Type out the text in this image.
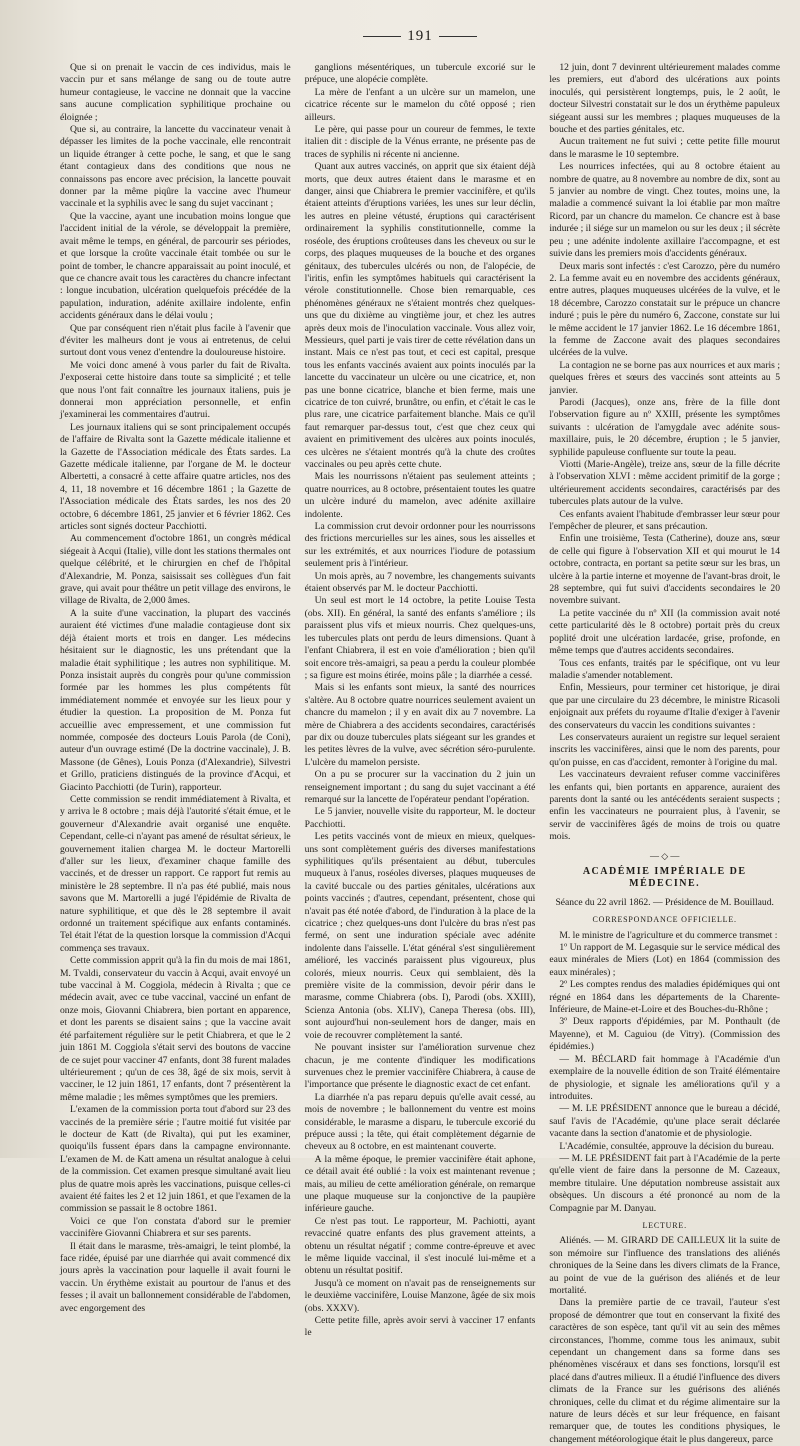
191

Que si on prenait le vaccin de ces individus, mais le vaccin pur et sans mélange de sang ou de toute autre humeur contagieuse, le vaccine ne donnait que la vaccine sans aucune complication syphilitique prochaine ou éloignée ;

Que si, au contraire, la lancette du vaccinateur venait à dépasser les limites de la poche vaccinale, elle rencontrait un liquide étranger à cette poche, le sang, et que le sang étant contagieux dans des conditions que nous ne connaissons pas encore avec précision, la lancette pouvait donner par la même piqûre la vaccine avec l'humeur vaccinale et la syphilis avec le sang du sujet vaccinant ;

Que la vaccine, ayant une incubation moins longue que l'accident initial de la vérole, se développait la première, avait même le temps, en général, de parcourir ses périodes, et que lorsque la croûte vaccinale était tombée ou sur le point de tomber, le chancre apparaissait au point inoculé, et que ce chancre avait tous les caractères du chancre infectant : longue incubation, ulcération quelquefois précédée de la papulation, induration, adénite axillaire indolente, enfin accidents généraux dans le délai voulu ;

Que par conséquent rien n'était plus facile à l'avenir que d'éviter les malheurs dont je vous ai entretenus, de celui surtout dont vous venez d'entendre la douloureuse histoire.

Me voici donc amené à vous parler du fait de Rivalta. J'exposerai cette histoire dans toute sa simplicité ; et telle que nous l'ont fait connaître les journaux italiens, puis je donnerai mon appréciation personnelle, et enfin j'examinerai les commentaires d'autrui.

Les journaux italiens qui se sont principalement occupés de l'affaire de Rivalta sont la Gazette médicale italienne et la Gazette de l'Association médicale des États sardes. La Gazette médicale italienne, par l'organe de M. le docteur Albertetti, a consacré à cette affaire quatre articles, nos des 4, 11, 18 novembre et 16 décembre 1861 ; la Gazette de l'Association médicale des États sardes, les nos des 20 octobre, 6 décembre 1861, 25 janvier et 6 février 1862. Ces articles sont signés docteur Pacchiotti.

Au commencement d'octobre 1861, un congrès médical siégeait à Acqui (Italie), ville dont les stations thermales ont quelque célébrité, et le chirurgien en chef de l'hôpital d'Alexandrie, M. Ponza, saisissait ses collègues d'un fait grave, qui avait pour théâtre un petit village des environs, le village de Rivalta, de 2,000 âmes.

A la suite d'une vaccination, la plupart des vaccinés auraient été victimes d'une maladie contagieuse dont six déjà étaient morts et trois en danger. Les médecins hésitaient sur le diagnostic, les uns prétendant que la maladie était syphilitique ; les autres non syphilitique. M. Ponza insistait auprès du congrès pour qu'une commission formée par les hommes les plus compétents fût immédiatement nommée et envoyée sur les lieux pour y étudier la question. La proposition de M. Ponza fut accueillie avec empressement, et une commission fut nommée, composée des docteurs Louis Parola (de Coni), auteur d'un ouvrage estimé (De la doctrine vaccinale), J. B. Massone (de Gênes), Louis Ponza (d'Alexandrie), Silvestri et Grillo, praticiens distingués de la province d'Acqui, et Giacinto Pacchiotti (de Turin), rapporteur.

Cette commission se rendit immédiatement à Rivalta, et y arriva le 8 octobre ; mais déjà l'autorité s'était émue, et le gouverneur d'Alexandrie avait organisé une enquête. Cependant, celle-ci n'ayant pas amené de résultat sérieux, le gouvernement italien chargea M. le docteur Martorelli d'aller sur les lieux, d'examiner chaque famille des vaccinés, et de dresser un rapport. Ce rapport fut remis au ministère le 28 septembre. Il n'a pas été publié, mais nous savons que M. Martorelli a jugé l'épidémie de Rivalta de nature syphilitique, et que dès le 28 septembre il avait ordonné un traitement spécifique aux enfants contaminés. Tel était l'état de la question lorsque la commission d'Acqui commença ses travaux.

Cette commission apprit qu'à la fin du mois de mai 1861, M. Tvaldi, conservateur du vaccin à Acqui, avait envoyé un tube vaccinal à M. Coggiola, médecin à Rivalta ; que ce médecin avait, avec ce tube vaccinal, vacciné un enfant de onze mois, Giovanni Chiabrera, bien portant en apparence, et dont les parents se disaient sains ; que la vaccine avait été parfaitement régulière sur le petit Chiabrera, et que le 2 juin 1861 M. Coggiola s'était servi des boutons de vaccine de ce sujet pour vacciner 47 enfants, dont 38 furent malades ultérieurement ; qu'un de ces 38, âgé de six mois, servit à vacciner, le 12 juin 1861, 17 enfants, dont 7 présentèrent la même maladie ; les mêmes symptômes que les premiers.

L'examen de la commission porta tout d'abord sur 23 des vaccinés de la première série ; l'autre moitié fut visitée par le docteur de Katt (de Rivalta), qui put les examiner, quoiqu'ils fussent épars dans la campagne environnante. L'examen de M. de Katt amena un résultat analogue à celui de la commission. Cet examen presque simultané avait lieu plus de quatre mois après les vaccinations, puisque celles-ci avaient été faites les 2 et 12 juin 1861, et que l'examen de la commission se passait le 8 octobre 1861.

Voici ce que l'on constata d'abord sur le premier vaccinifère Giovanni Chiabrera et sur ses parents.

Il était dans le marasme, très-amaigri, le teint plombé, la face ridée, épuisé par une diarrhée qui avait commencé dix jours après la vaccination pour laquelle il avait fourni le vaccin. Un érythème existait au pourtour de l'anus et des fesses ; il avait un ballonnement considérable de l'abdomen, avec engorgement des

ganglions mésentériques, un tubercule excorié sur le prépuce, une alopécie complète.

La mère de l'enfant a un ulcère sur un mamelon, une cicatrice récente sur le mamelon du côté opposé ; rien ailleurs.

Le père, qui passe pour un coureur de femmes, le texte italien dit : disciple de la Vénus errante, ne présente pas de traces de syphilis ni récente ni ancienne.

Quant aux autres vaccinés, on apprit que six étaient déjà morts, que deux autres étaient dans le marasme et en danger, ainsi que Chiabrera le premier vaccinifère, et qu'ils étaient atteints d'éruptions variées, les unes sur leur déclin, les autres en pleine vétusté, éruptions qui caractérisent ordinairement la syphilis constitutionnelle, comme la roséole, des éruptions croûteuses dans les cheveux ou sur le corps, des plaques muqueuses de la bouche et des organes génitaux, des tubercules ulcérés ou non, de l'alopécie, de l'iritis, enfin les symptômes habituels qui caractérisent la vérole constitutionnelle. Chose bien remarquable, ces phénomènes généraux ne s'étaient montrés chez quelques-uns que du dixième au vingtième jour, et chez les autres après deux mois de l'inoculation vaccinale. Vous allez voir, Messieurs, quel parti je vais tirer de cette révélation dans un instant. Mais ce n'est pas tout, et ceci est capital, presque tous les enfants vaccinés avaient aux points inoculés par la lancette du vaccinateur un ulcère ou une cicatrice, et, non pas une bonne cicatrice, blanche et bien ferme, mais une cicatrice de ton cuivré, brunâtre, ou enfin, et c'était le cas le plus rare, une cicatrice parfaitement blanche. Mais ce qu'il faut remarquer par-dessus tout, c'est que chez ceux qui avaient en primitivement des ulcères aux points inoculés, ces ulcères ne s'étaient montrés qu'à la chute des croûtes vaccinales ou peu après cette chute.

Mais les nourrissons n'étaient pas seulement atteints ; quatre nourrices, au 8 octobre, présentaient toutes les quatre un ulcère induré du mamelon, avec adénite axillaire indolente.

La commission crut devoir ordonner pour les nourrissons des frictions mercurielles sur les aines, sous les aisselles et sur les extrémités, et aux nourrices l'iodure de potassium seulement pris à l'intérieur.

Un mois après, au 7 novembre, les changements suivants étaient observés par M. le docteur Pacchiotti.

Un seul est mort le 14 octobre, la petite Louise Testa (obs. XII). En général, la santé des enfants s'améliore ; ils paraissent plus vifs et mieux nourris. Chez quelques-uns, les tubercules plats ont perdu de leurs dimensions. Quant à l'enfant Chiabrera, il est en voie d'amélioration ; bien qu'il soit encore très-amaigri, sa peau a perdu la couleur plombée ; sa figure est moins étirée, moins pâle ; la diarrhée a cessé.

Mais si les enfants sont mieux, la santé des nourrices s'altère. Au 8 octobre quatre nourrices seulement avaient un chancre du mamelon ; il y en avait dix au 7 novembre. La mère de Chiabrera a des accidents secondaires, caractérisés par dix ou douze tubercules plats siégeant sur les grandes et les petites lèvres de la vulve, avec sécrétion séro-purulente. L'ulcère du mamelon persiste.

On a pu se procurer sur la vaccination du 2 juin un renseignement important ; du sang du sujet vaccinant a été remarqué sur la lancette de l'opérateur pendant l'opération.

Le 5 janvier, nouvelle visite du rapporteur, M. le docteur Pacchiotti.

Les petits vaccinés vont de mieux en mieux, quelques-uns sont complètement guéris des diverses manifestations syphilitiques qu'ils présentaient au début, tubercules muqueux à l'anus, roséoles diverses, plaques muqueuses de la cavité buccale ou des parties génitales, ulcérations aux points vaccinés ; d'autres, cependant, présentent, chose qui n'avait pas été notée d'abord, de l'induration à la place de la cicatrice ; chez quelques-uns dont l'ulcère du bras n'est pas fermé, on sent une induration spéciale avec adénite indolente dans l'aisselle. L'état général s'est singulièrement amélioré, les vaccinés paraissent plus vigoureux, plus colorés, mieux nourris. Ceux qui semblaient, dès la première visite de la commission, devoir périr dans le marasme, comme Chiabrera (obs. I), Parodi (obs. XXIII), Scienza Antonia (obs. XLIV), Canepa Theresa (obs. III), sont aujourd'hui non-seulement hors de danger, mais en voie de recouvrer complètement la santé.

Ne pouvant insister sur l'amélioration survenue chez chacun, je me contente d'indiquer les modifications survenues chez le premier vaccinifère Chiabrera, à cause de l'importance que présente le diagnostic exact de cet enfant.

La diarrhée n'a pas reparu depuis qu'elle avait cessé, au mois de novembre ; le ballonnement du ventre est moins considérable, le marasme a disparu, le tubercule excorié du prépuce aussi ; la tête, qui était complètement dégarnie de cheveux au 8 octobre, en est maintenant couverte.

A la même époque, le premier vaccinifère était aphone, ce détail avait été oublié : la voix est maintenant revenue ; mais, au milieu de cette amélioration générale, on remarque une plaque muqueuse sur la conjonctive de la paupière inférieure gauche.

Ce n'est pas tout. Le rapporteur, M. Pachiotti, ayant revacciné quatre enfants des plus gravement atteints, a obtenu un résultat négatif ; comme contre-épreuve et avec le même liquide vaccinal, il s'est inoculé lui-même et a obtenu un résultat positif.

Jusqu'à ce moment on n'avait pas de renseignements sur le deuxième vaccinifère, Louise Manzone, âgée de six mois (obs. XXXV).

Cette petite fille, après avoir servi à vacciner 17 enfants le

12 juin, dont 7 devinrent ultérieurement malades comme les premiers, eut d'abord des ulcérations aux points inoculés, qui persistèrent longtemps, puis, le 2 août, le docteur Silvestri constatait sur le dos un érythème papuleux siégeant aussi sur les membres ; plaques muqueuses de la bouche et des parties génitales, etc.

Aucun traitement ne fut suivi ; cette petite fille mourut dans le marasme le 10 septembre.

Les nourrices infectées, qui au 8 octobre étaient au nombre de quatre, au 8 novembre au nombre de dix, sont au 5 janvier au nombre de vingt. Chez toutes, moins une, la maladie a commencé suivant la loi établie par mon maître Ricord, par un chancre du mamelon. Ce chancre est à base indurée ; il siége sur un mamelon ou sur les deux ; il sécrète peu ; une adénite indolente axillaire l'accompagne, et est suivie dans les premiers mois d'accidents généraux.

Deux maris sont infectés : c'est Carozzo, père du numéro 2. La femme avait eu en novembre des accidents généraux, entre autres, plaques muqueuses ulcérées de la vulve, et le 18 décembre, Carozzo constatait sur le prépuce un chancre induré ; puis le père du numéro 6, Zaccone, constate sur lui le même accident le 17 janvier 1862. Le 16 décembre 1861, la femme de Zaccone avait des plaques secondaires ulcérées de la vulve.

La contagion ne se borne pas aux nourrices et aux maris ; quelques frères et sœurs des vaccinés sont atteints au 5 janvier.

Parodi (Jacques), onze ans, frère de la fille dont l'observation figure au nº XXIII, présente les symptômes suivants : ulcération de l'amygdale avec adénite sous-maxillaire, puis, le 20 décembre, éruption ; le 5 janvier, syphilide papuleuse confluente sur toute la peau.

Viotti (Marie-Angèle), treize ans, sœur de la fille décrite à l'observation XLVI : même accident primitif de la gorge ; ultérieurement accidents secondaires, caractérisés par des tubercules plats autour de la vulve.

Ces enfants avaient l'habitude d'embrasser leur sœur pour l'empêcher de pleurer, et sans précaution.

Enfin une troisième, Testa (Catherine), douze ans, sœur de celle qui figure à l'observation XII et qui mourut le 14 octobre, contracta, en portant sa petite sœur sur les bras, un ulcère à la partie interne et moyenne de l'avant-bras droit, le 28 septembre, qui fut suivi d'accidents secondaires le 20 novembre suivant.

La petite vaccinée du nº XII (la commission avait noté cette particularité dès le 8 octobre) portait près du creux poplité droit une ulcération lardacée, grise, profonde, en même temps que d'autres accidents secondaires.

Tous ces enfants, traités par le spécifique, ont vu leur maladie s'amender notablement.

Enfin, Messieurs, pour terminer cet historique, je dirai que par une circulaire du 23 décembre, le ministre Ricasoli enjoignait aux préfets du royaume d'Italie d'exiger à l'avenir des conservateurs du vaccin les conditions suivantes :

Les conservateurs auraient un registre sur lequel seraient inscrits les vaccinifères, ainsi que le nom des parents, pour qu'on puisse, en cas d'accident, remonter à l'origine du mal.

Les vaccinateurs devraient refuser comme vaccinifères les enfants qui, bien portants en apparence, auraient des parents dont la santé ou les antécédents seraient suspects ; enfin les vaccinateurs ne pourraient plus, à l'avenir, se servir de vaccinifères âgés de moins de trois ou quatre mois.

— ◇ —
ACADÉMIE IMPÉRIALE DE MÉDECINE.
Séance du 22 avril 1862. — Présidence de M. Bouillaud.
CORRESPONDANCE OFFICIELLE.

M. le ministre de l'agriculture et du commerce transmet :

1º Un rapport de M. Legasquie sur le service médical des eaux minérales de Miers (Lot) en 1864 (commission des eaux minérales) ;

2º Les comptes rendus des maladies épidémiques qui ont régné en 1864 dans les départements de la Charente-Inférieure, de Maine-et-Loire et des Bouches-du-Rhône ;

3º Deux rapports d'épidémies, par M. Ponthault (de Mayenne), et M. Caguiou (de Vitry). (Commission des épidémies.)

— M. BÉCLARD fait hommage à l'Académie d'un exemplaire de la nouvelle édition de son Traité élémentaire de physiologie, et signale les améliorations qu'il y a introduites.

— M. LE PRÉSIDENT annonce que le bureau a décidé, sauf l'avis de l'Académie, qu'une place serait déclarée vacante dans la section d'anatomie et de physiologie.

L'Académie, consultée, approuve la décision du bureau.

— M. LE PRÉSIDENT fait part à l'Académie de la perte qu'elle vient de faire dans la personne de M. Cazeaux, membre titulaire. Une députation nombreuse assistait aux obsèques. Un discours a été prononcé au nom de la Compagnie par M. Danyau.

LECTURE.

Aliénés. — M. GIRARD DE CAILLEUX lit la suite de son mémoire sur l'influence des translations des aliénés chroniques de la Seine dans les divers climats de la France, au point de vue de la guérison des aliénés et de leur mortalité.

Dans la première partie de ce travail, l'auteur s'est proposé de démontrer que tout en conservant la fixité des caractères de son espèce, tant qu'il vit au sein des mêmes circonstances, l'homme, comme tous les animaux, subit cependant un changement dans sa forme dans ses phénomènes viscéraux et dans ses fonctions, lorsqu'il est placé dans d'autres milieux. Il a étudié l'influence des divers climats de la France sur les guérisons des aliénés chroniques, celle du climat et du régime alimentaire sur la nature de leurs décès et sur leur fréquence, en faisant remarquer que, de toutes les conditions physiques, le changement météorologique était le plus dangereux, parce
